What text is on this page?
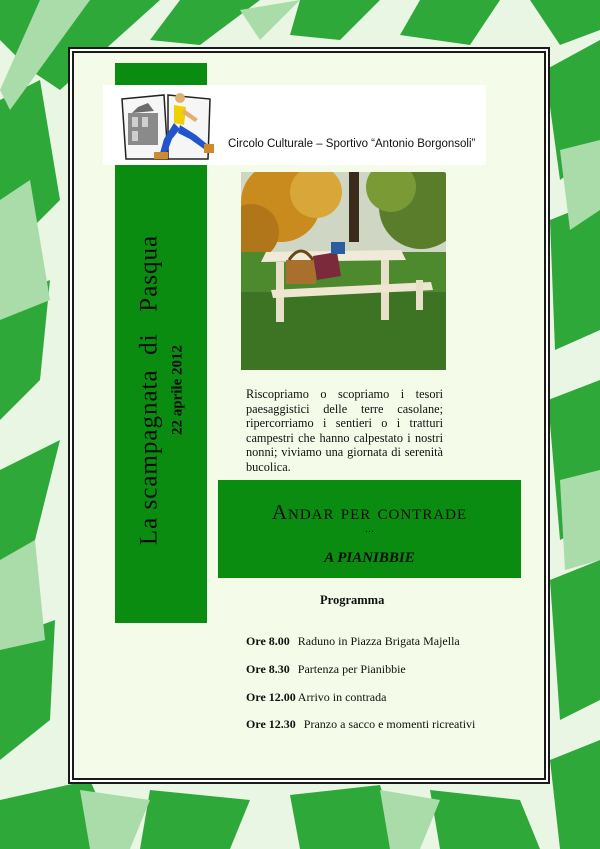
La scampagnata  di   Pasqua 22 aprile 2012
Circolo Culturale – Sportivo “Antonio Borgonsoli”
Riscopriamo o scopriamo i tesori paesaggistici delle terre casolane; ripercorriamo i sentieri o i tratturi campestri che hanno calpestato i nostri nonni; viviamo una giornata di serenità bucolica.
Andar per contrade
…
A PIANIBBIE
Programma
Ore 8.00 Raduno in Piazza Brigata Majella
Ore 8.30 Partenza per Pianibbie
Ore 12.00 Arrivo in contrada
Ore 12.30 Pranzo a sacco e momenti ricreativi
